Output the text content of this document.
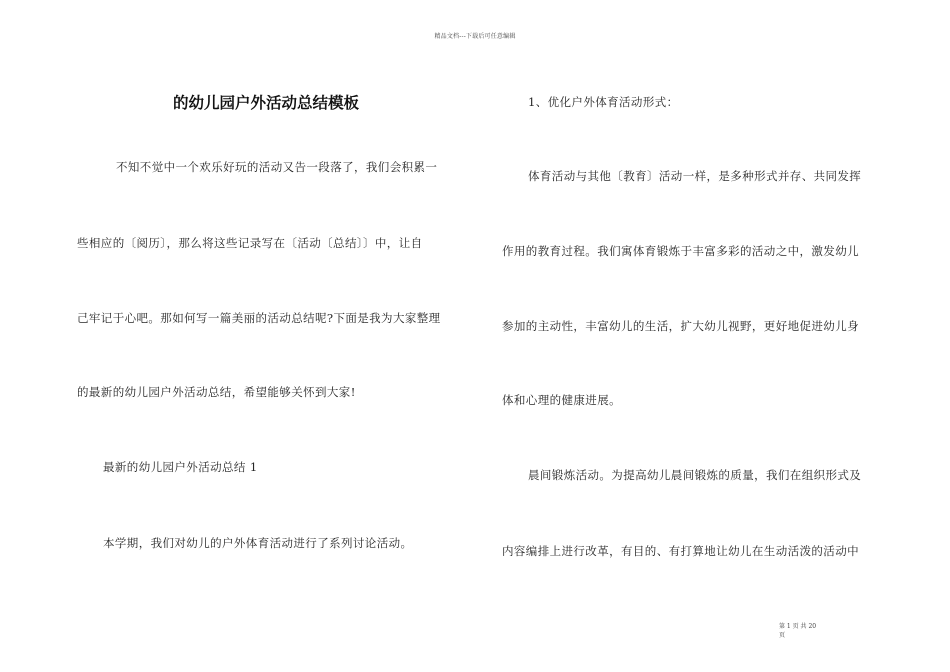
精品文档---下载后可任意编辑
的幼儿园户外活动总结模板
不知不觉中一个欢乐好玩的活动又告一段落了，我们会积累一
些相应的〔阅历〕，那么将这些记录写在〔活动〔总结〕〕中，让自
己牢记于心吧。那如何写一篇美丽的活动总结呢?下面是我为大家整理
的最新的幼儿园户外活动总结，希望能够关怀到大家!
最新的幼儿园户外活动总结 1
本学期，我们对幼儿的户外体育活动进行了系列讨论活动。
1、优化户外体育活动形式：
体育活动与其他〔教育〕活动一样，是多种形式并存、共同发挥
作用的教育过程。我们寓体育锻炼于丰富多彩的活动之中，激发幼儿
参加的主动性，丰富幼儿的生活，扩大幼儿视野，更好地促进幼儿身
体和心理的健康进展。
晨间锻炼活动。为提高幼儿晨间锻炼的质量，我们在组织形式及
内容编排上进行改革，有目的、有打算地让幼儿在生动活泼的活动中
第 1 页 共 20
页
